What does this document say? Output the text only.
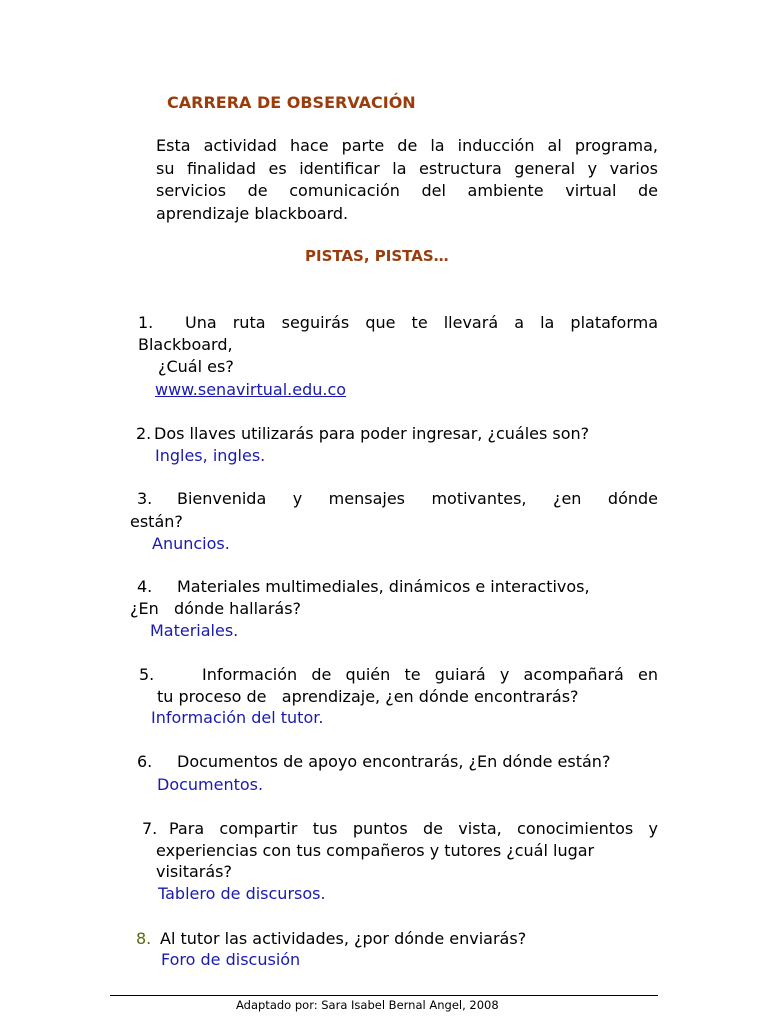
CARRERA DE OBSERVACIÓN
Esta actividad hace parte de la inducción al programa,
su finalidad es identificar la estructura general y varios
servicios de comunicación del ambiente virtual de
aprendizaje blackboard.
PISTAS, PISTAS…
1. Una ruta seguirás que te llevará a la plataforma
Blackboard,
¿Cuál es?
www.senavirtual.edu.co
2. Dos llaves utilizarás para poder ingresar, ¿cuáles son?
Ingles, ingles.
3. Bienvenida y mensajes motivantes, ¿en dónde
están?
Anuncios.
4. Materiales multimediales, dinámicos e interactivos,
¿En   dónde hallarás?
Materiales.
5.	Información de quién te guiará y acompañará en
tu proceso de   aprendizaje, ¿en dónde encontrarás?
Información del tutor.
6. Documentos de apoyo encontrarás, ¿En dónde están?
Documentos.
7. Para compartir tus puntos de vista, conocimientos y
experiencias con tus compañeros y tutores ¿cuál lugar
visitarás?
Tablero de discursos.
8. Al tutor las actividades, ¿por dónde enviarás?
Foro de discusión
Adaptado por: Sara Isabel Bernal Angel, 2008
